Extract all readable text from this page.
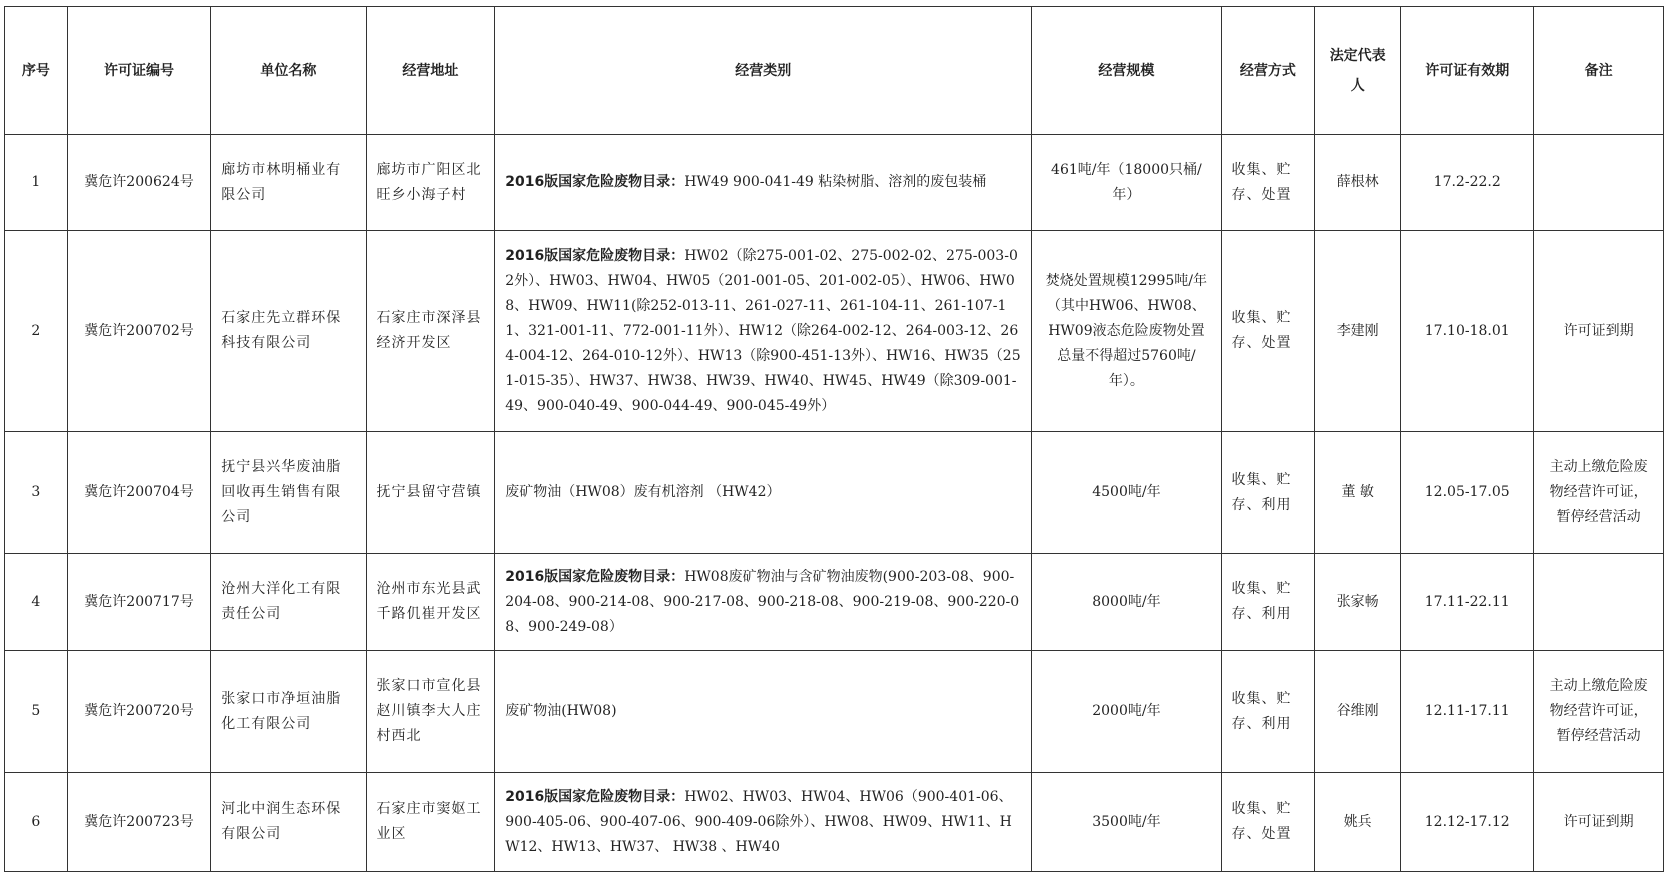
序号	许可证编号	单位名称	经营地址	经营类别	经营规模	经营方式	法定代表人	许可证有效期	备注
1	冀危许200624号	廊坊市林明桶业有限公司	廊坊市广阳区北旺乡小海子村	2016版国家危险废物目录：HW49 900-041-49 粘染树脂、溶剂的废包装桶	461吨/年（18000只桶/年）	收集、贮存、处置	薛根林	17.2-22.2	
2	冀危许200702号	石家庄先立群环保科技有限公司	石家庄市深泽县经济开发区	2016版国家危险废物目录：HW02（除275-001-02、275-002-02、275-003-02外）、HW03、HW04、HW05（201-001-05、201-002-05）、HW06、HW08、HW09、HW11(除252-013-11、261-027-11、261-104-11、261-107-11、321-001-11、772-001-11外）、HW12（除264-002-12、264-003-12、264-004-12、264-010-12外）、HW13（除900-451-13外）、HW16、HW35（251-015-35）、HW37、HW38、HW39、HW40、HW45、HW49（除309-001-49、900-040-49、900-044-49、900-045-49外）	焚烧处置规模12995吨/年（其中HW06、HW08、HW09液态危险废物处置总量不得超过5760吨/年）。	收集、贮存、处置	李建刚	17.10-18.01	许可证到期
3	冀危许200704号	抚宁县兴华废油脂回收再生销售有限公司	抚宁县留守营镇	废矿物油（HW08）废有机溶剂 （HW42）	4500吨/年	收集、贮存、利用	董 敏	12.05-17.05	主动上缴危险废物经营许可证，暂停经营活动
4	冀危许200717号	沧州大洋化工有限责任公司	沧州市东光县武千路仉崔开发区	2016版国家危险废物目录：HW08废矿物油与含矿物油废物(900-203-08、900-204-08、900-214-08、900-217-08、900-218-08、900-219-08、900-220-08、900-249-08）	8000吨/年	收集、贮存、利用	张家畅	17.11-22.11	
5	冀危许200720号	张家口市净垣油脂化工有限公司	张家口市宣化县赵川镇李大人庄村西北	废矿物油(HW08)	2000吨/年	收集、贮存、利用	谷维刚	12.11-17.11	主动上缴危险废物经营许可证，暂停经营活动
6	冀危许200723号	河北中润生态环保有限公司	石家庄市窦妪工业区	2016版国家危险废物目录：HW02、HW03、HW04、HW06（900-401-06、900-405-06、900-407-06、900-409-06除外）、HW08、HW09、HW11、HW12、HW13、HW37、 HW38 、HW40	3500吨/年	收集、贮存、处置	姚兵	12.12-17.12	许可证到期
